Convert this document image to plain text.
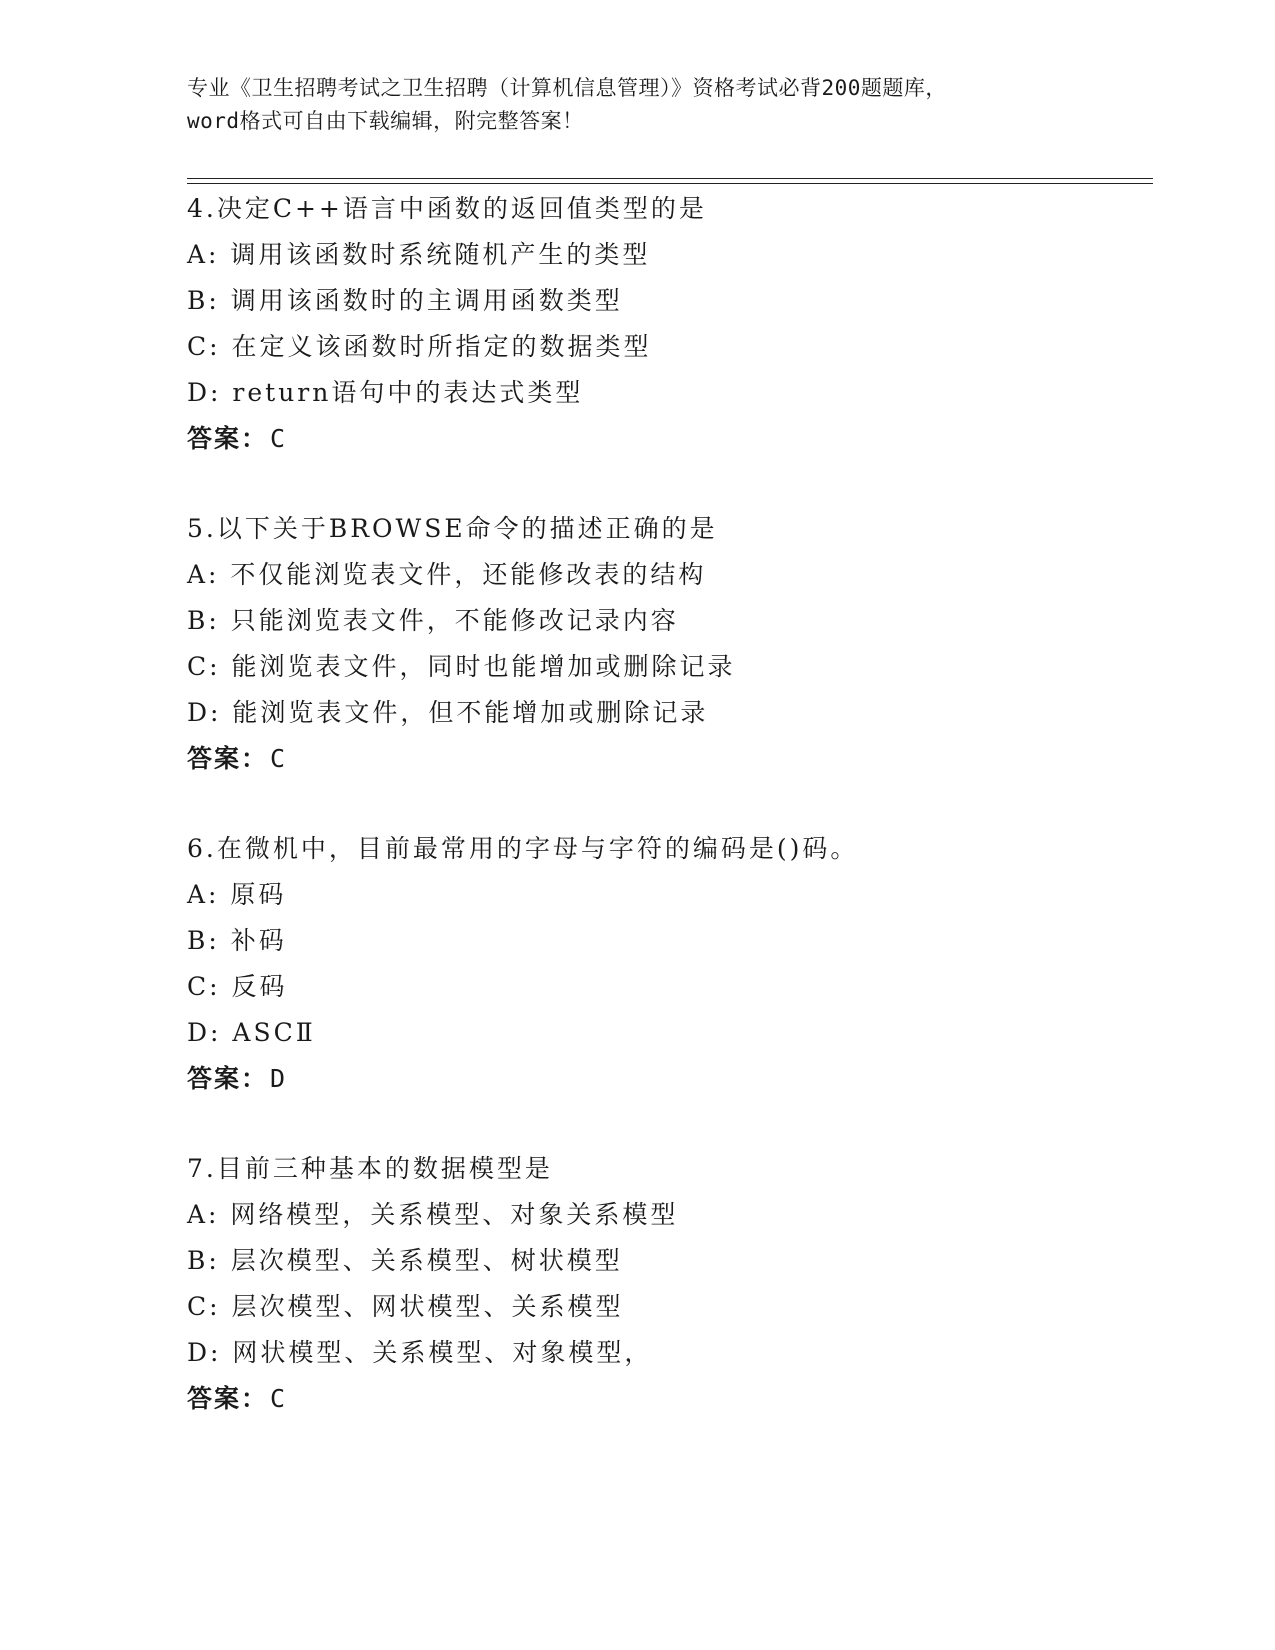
专业《卫生招聘考试之卫生招聘（计算机信息管理）》资格考试必背200题题库，
word格式可自由下载编辑，附完整答案！
4.决定C++语言中函数的返回值类型的是
A: 调用该函数时系统随机产生的类型
B: 调用该函数时的主调用函数类型
C: 在定义该函数时所指定的数据类型
D: return语句中的表达式类型
答案：C
5.以下关于BROWSE命令的描述正确的是
A: 不仅能浏览表文件，还能修改表的结构
B: 只能浏览表文件，不能修改记录内容
C: 能浏览表文件，同时也能增加或删除记录
D: 能浏览表文件，但不能增加或删除记录
答案：C
6.在微机中，目前最常用的字母与字符的编码是()码。
A: 原码
B: 补码
C: 反码
D: ASCⅡ
答案：D
7.目前三种基本的数据模型是
A: 网络模型，关系模型、对象关系模型
B: 层次模型、关系模型、树状模型
C: 层次模型、网状模型、关系模型
D: 网状模型、关系模型、对象模型，
答案：C
